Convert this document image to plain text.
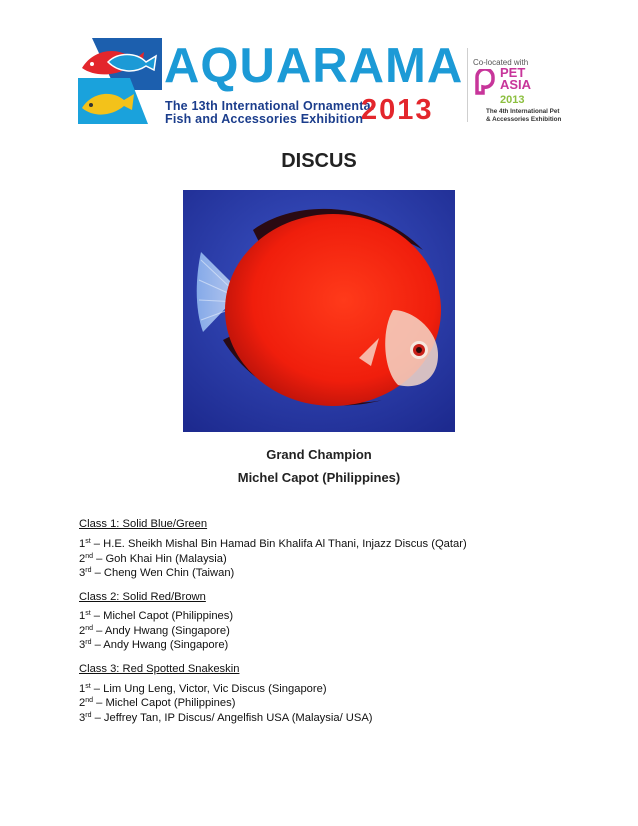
AQUARAMA
The 13th International Ornamental
Fish and Accessories Exhibition
2013
Co-located with
PET
ASIA
2013
The 4th International Pet
& Accessories Exhibition
DISCUS
Grand Champion
Michel Capot (Philippines)
Class 1: Solid Blue/Green
1st – H.E. Sheikh Mishal Bin Hamad Bin Khalifa Al Thani, Injazz Discus (Qatar)
2nd – Goh Khai Hin (Malaysia)
3rd – Cheng Wen Chin (Taiwan)
Class 2: Solid Red/Brown
1st – Michel Capot (Philippines)
2nd – Andy Hwang (Singapore)
3rd – Andy Hwang (Singapore)
Class 3: Red Spotted Snakeskin
1st – Lim Ung Leng, Victor, Vic Discus (Singapore)
2nd – Michel Capot (Philippines)
3rd – Jeffrey Tan, IP Discus/ Angelfish USA (Malaysia/ USA)
